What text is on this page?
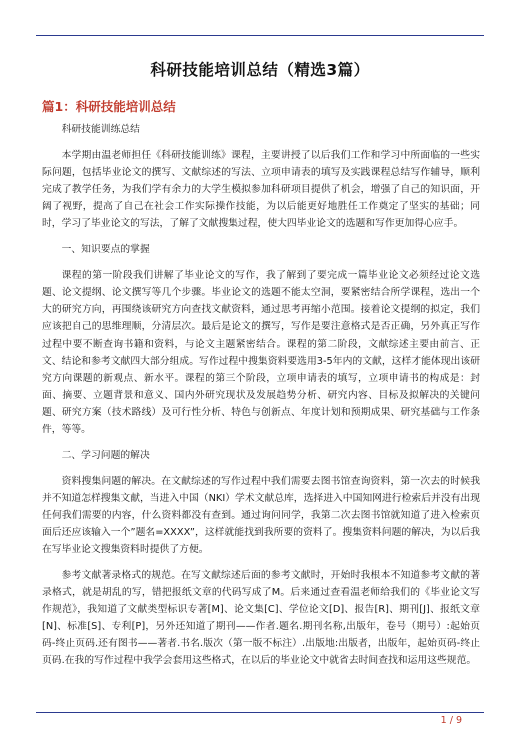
科研技能培训总结（精选3篇）
篇1：科研技能培训总结

科研技能训练总结

本学期由温老师担任《科研技能训练》课程，主要讲授了以后我们工作和学习中所面临的一些实际问题，包括毕业论文的撰写、文献综述的写法、立项申请表的填写及实践课程总结写作辅导，顺利完成了教学任务，为我们学有余力的大学生模拟参加科研项目提供了机会，增强了自己的知识面，开阔了视野，提高了自己在社会工作实际操作技能，为以后能更好地胜任工作奠定了坚实的基础；同时，学习了毕业论文的写法，了解了文献搜集过程，使大四毕业论文的选题和写作更加得心应手。

一、知识要点的掌握

课程的第一阶段我们讲解了毕业论文的写作，我了解到了要完成一篇毕业论文必须经过论文选题、论文提纲、论文撰写等几个步骤。毕业论文的选题不能太空洞，要紧密结合所学课程，选出一个大的研究方向，再围绕该研究方向查找文献资料，通过思考再缩小范围。接着论文提纲的拟定，我们应该把自己的思维理顺，分清层次。最后是论文的撰写，写作是要注意格式是否正确，另外真正写作过程中要不断查询书籍和资料，与论文主题紧密结合。课程的第二阶段，文献综述主要由前言、正文、结论和参考文献四大部分组成。写作过程中搜集资料要选用3-5年内的文献，这样才能体现出该研究方向课题的新观点、新水平。课程的第三个阶段，立项申请表的填写，立项申请书的构成是：封面、摘要、立题背景和意义、国内外研究现状及发展趋势分析、研究内容、目标及拟解决的关键问题、研究方案（技术路线）及可行性分析、特色与创新点、年度计划和预期成果、研究基础与工作条件，等等。

二、学习问题的解决

资料搜集问题的解决。在文献综述的写作过程中我们需要去图书馆查询资料，第一次去的时候我并不知道怎样搜集文献，当进入中国（NKI）学术文献总库，选择进入中国知网进行检索后并没有出现任何我们需要的内容，什么资料都没有查到。通过询问同学，我第二次去图书馆就知道了进入检索页面后还应该输入一个”题名=XXXX”，这样就能找到我所要的资料了。搜集资料问题的解决，为以后我在写毕业论文搜集资料时提供了方便。

参考文献著录格式的规范。在写文献综述后面的参考文献时，开始时我根本不知道参考文献的著录格式，就是胡乱的写，错把报纸文章的代码写成了M。后来通过查看温老师给我们的《毕业论文写作规范》，我知道了文献类型标识专著[M]、论文集[C]、学位论文[D]、报告[R]、期刊[J]、报纸文章[N]、标准[S]、专利[P]，另外还知道了期刊——作者.题名.期刊名称,出版年，卷号（期号）:起始页码-终止页码.还有图书——著者.书名.版次（第一版不标注）.出版地:出版者，出版年，起始页码-终止页码.在我的写作过程中我学会套用这些格式，在以后的毕业论文中就省去时间查找和运用这些规范。

1 / 9
